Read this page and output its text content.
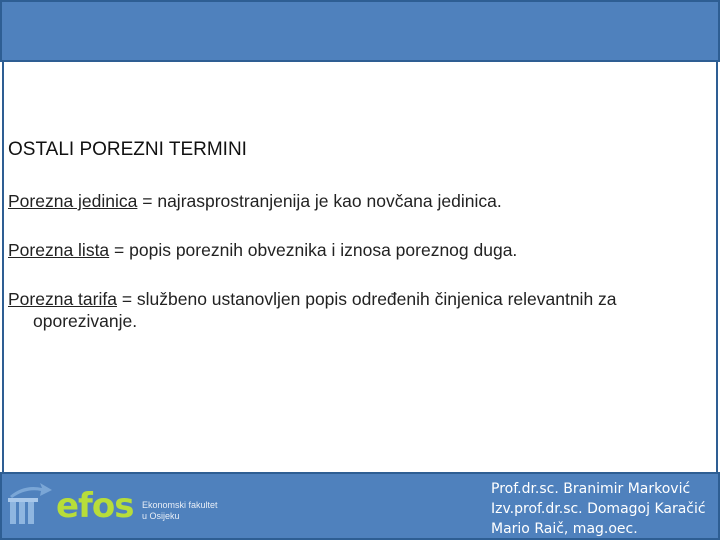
OSTALI POREZNI TERMINI
Porezna jedinica = najrasprostranjenija je kao novčana jedinica.
Porezna lista = popis poreznih obveznika i iznosa poreznog duga.
Porezna tarifa = službeno ustanovljen popis određenih činjenica relevantnih za oporezivanje.
efos Ekonomski fakultet
u Osijeku
Prof.dr.sc. Branimir Marković
Izv.prof.dr.sc. Domagoj Karačić
Mario Raič, mag.oec.
